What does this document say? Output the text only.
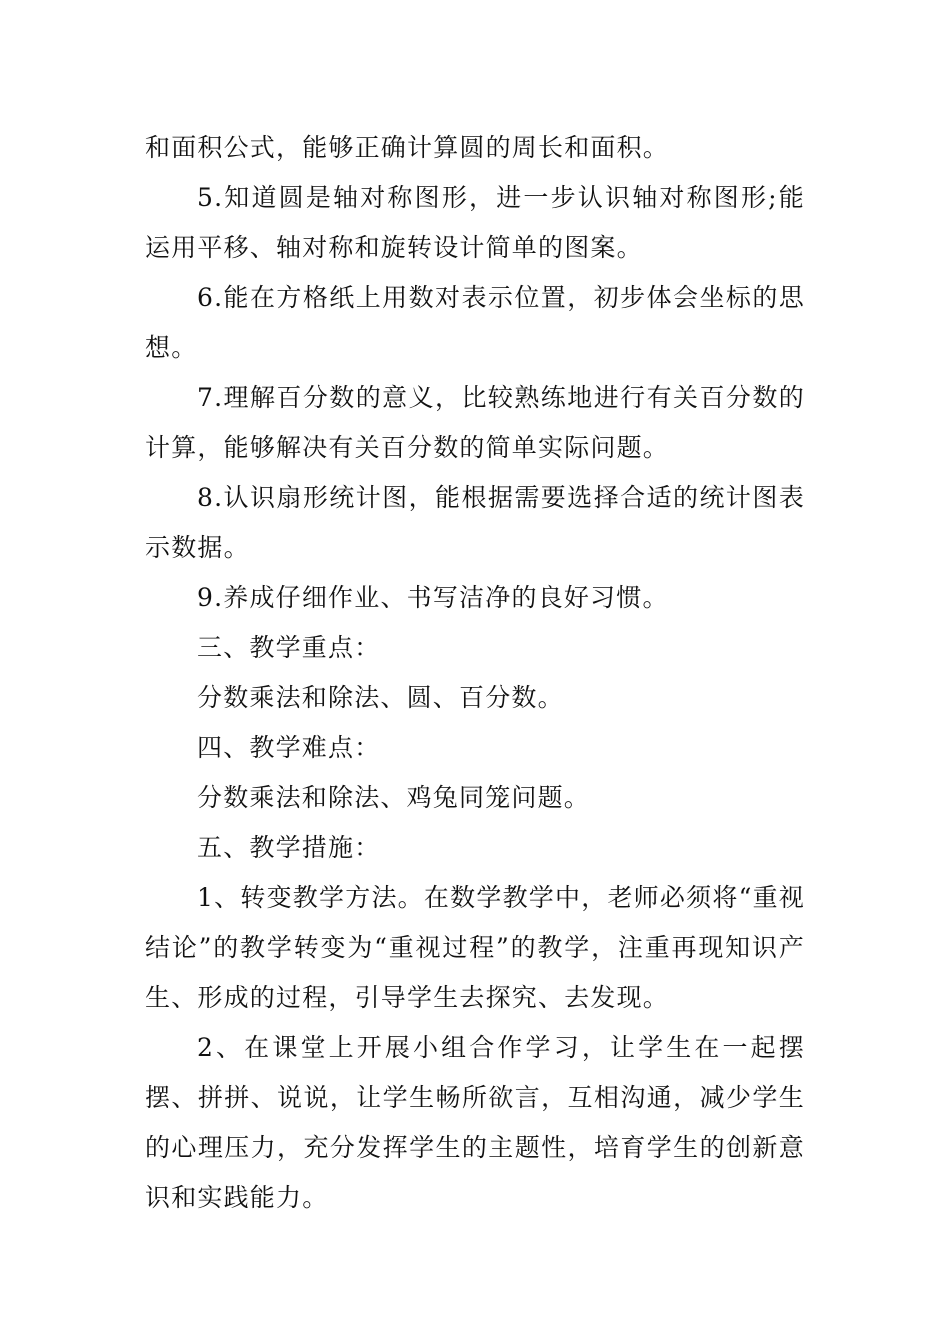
和面积公式，能够正确计算圆的周长和面积。

5.知道圆是轴对称图形，进一步认识轴对称图形;能运用平移、轴对称和旋转设计简单的图案。

6.能在方格纸上用数对表示位置，初步体会坐标的思想。

7.理解百分数的意义，比较熟练地进行有关百分数的计算，能够解决有关百分数的简单实际问题。

8.认识扇形统计图，能根据需要选择合适的统计图表示数据。

9.养成仔细作业、书写洁净的良好习惯。

三、教学重点：

分数乘法和除法、圆、百分数。

四、教学难点：

分数乘法和除法、鸡兔同笼问题。

五、教学措施：

1、转变教学方法。在数学教学中，老师必须将“重视结论”的教学转变为“重视过程”的教学，注重再现知识产生、形成的过程，引导学生去探究、去发现。

2、在课堂上开展小组合作学习，让学生在一起摆摆、拼拼、说说，让学生畅所欲言，互相沟通，减少学生的心理压力，充分发挥学生的主题性，培育学生的创新意识和实践能力。
